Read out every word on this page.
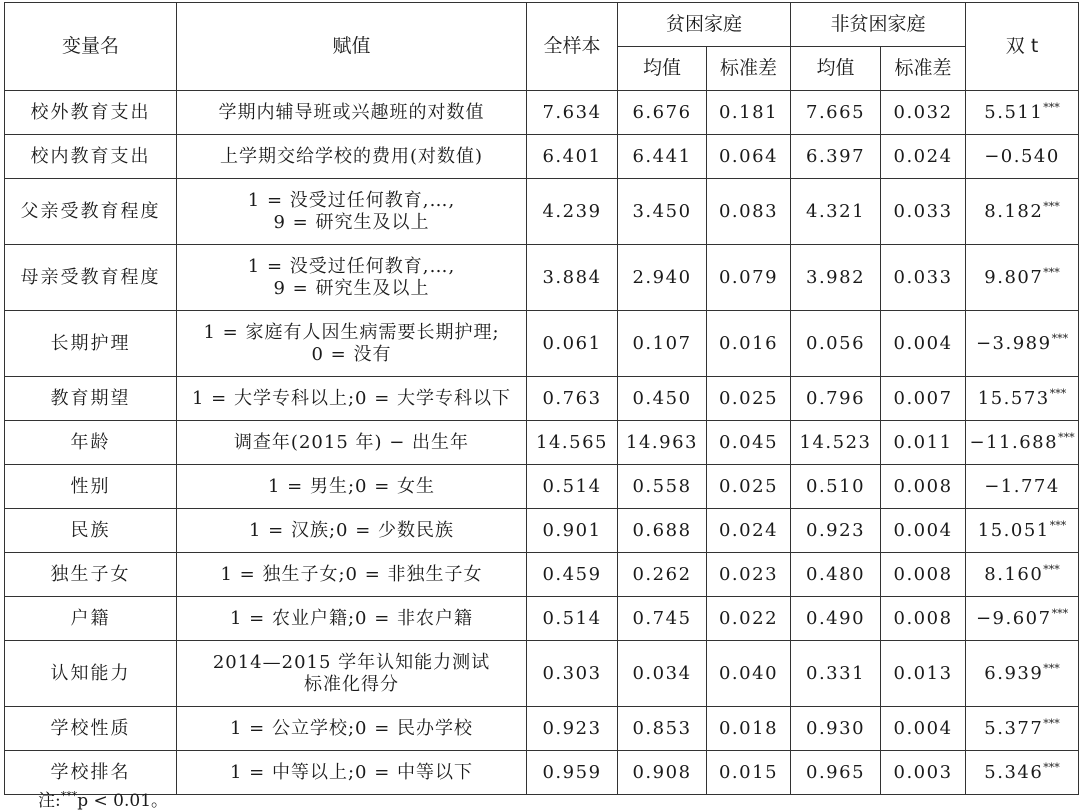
变量名	赋值	全样本	贫困家庭		非贫困家庭		双 t
			均值	标准差	均值	标准差	
校外教育支出	学期内辅导班或兴趣班的对数值	7.634	6.676	0.181	7.665	0.032	5.511***
校内教育支出	上学期交给学校的费用(对数值)	6.401	6.441	0.064	6.397	0.024	−0.540
父亲受教育程度	1 = 没受过任何教育,…,
9 = 研究生及以上	4.239	3.450	0.083	4.321	0.033	8.182***
母亲受教育程度	1 = 没受过任何教育,…,
9 = 研究生及以上	3.884	2.940	0.079	3.982	0.033	9.807***
长期护理	1 = 家庭有人因生病需要长期护理;
0 = 没有	0.061	0.107	0.016	0.056	0.004	−3.989***
教育期望	1 = 大学专科以上;0 = 大学专科以下	0.763	0.450	0.025	0.796	0.007	15.573***
年龄	调查年(2015 年) − 出生年	14.565	14.963	0.045	14.523	0.011	−11.688***
性别	1 = 男生;0 = 女生	0.514	0.558	0.025	0.510	0.008	−1.774
民族	1 = 汉族;0 = 少数民族	0.901	0.688	0.024	0.923	0.004	15.051***
独生子女	1 = 独生子女;0 = 非独生子女	0.459	0.262	0.023	0.480	0.008	8.160***
户籍	1 = 农业户籍;0 = 非农户籍	0.514	0.745	0.022	0.490	0.008	−9.607***
认知能力	2014—2015 学年认知能力测试
标准化得分	0.303	0.034	0.040	0.331	0.013	6.939***
学校性质	1 = 公立学校;0 = 民办学校	0.923	0.853	0.018	0.930	0.004	5.377***
学校排名	1 = 中等以上;0 = 中等以下	0.959	0.908	0.015	0.965	0.003	5.346***
注:***p < 0.01。
